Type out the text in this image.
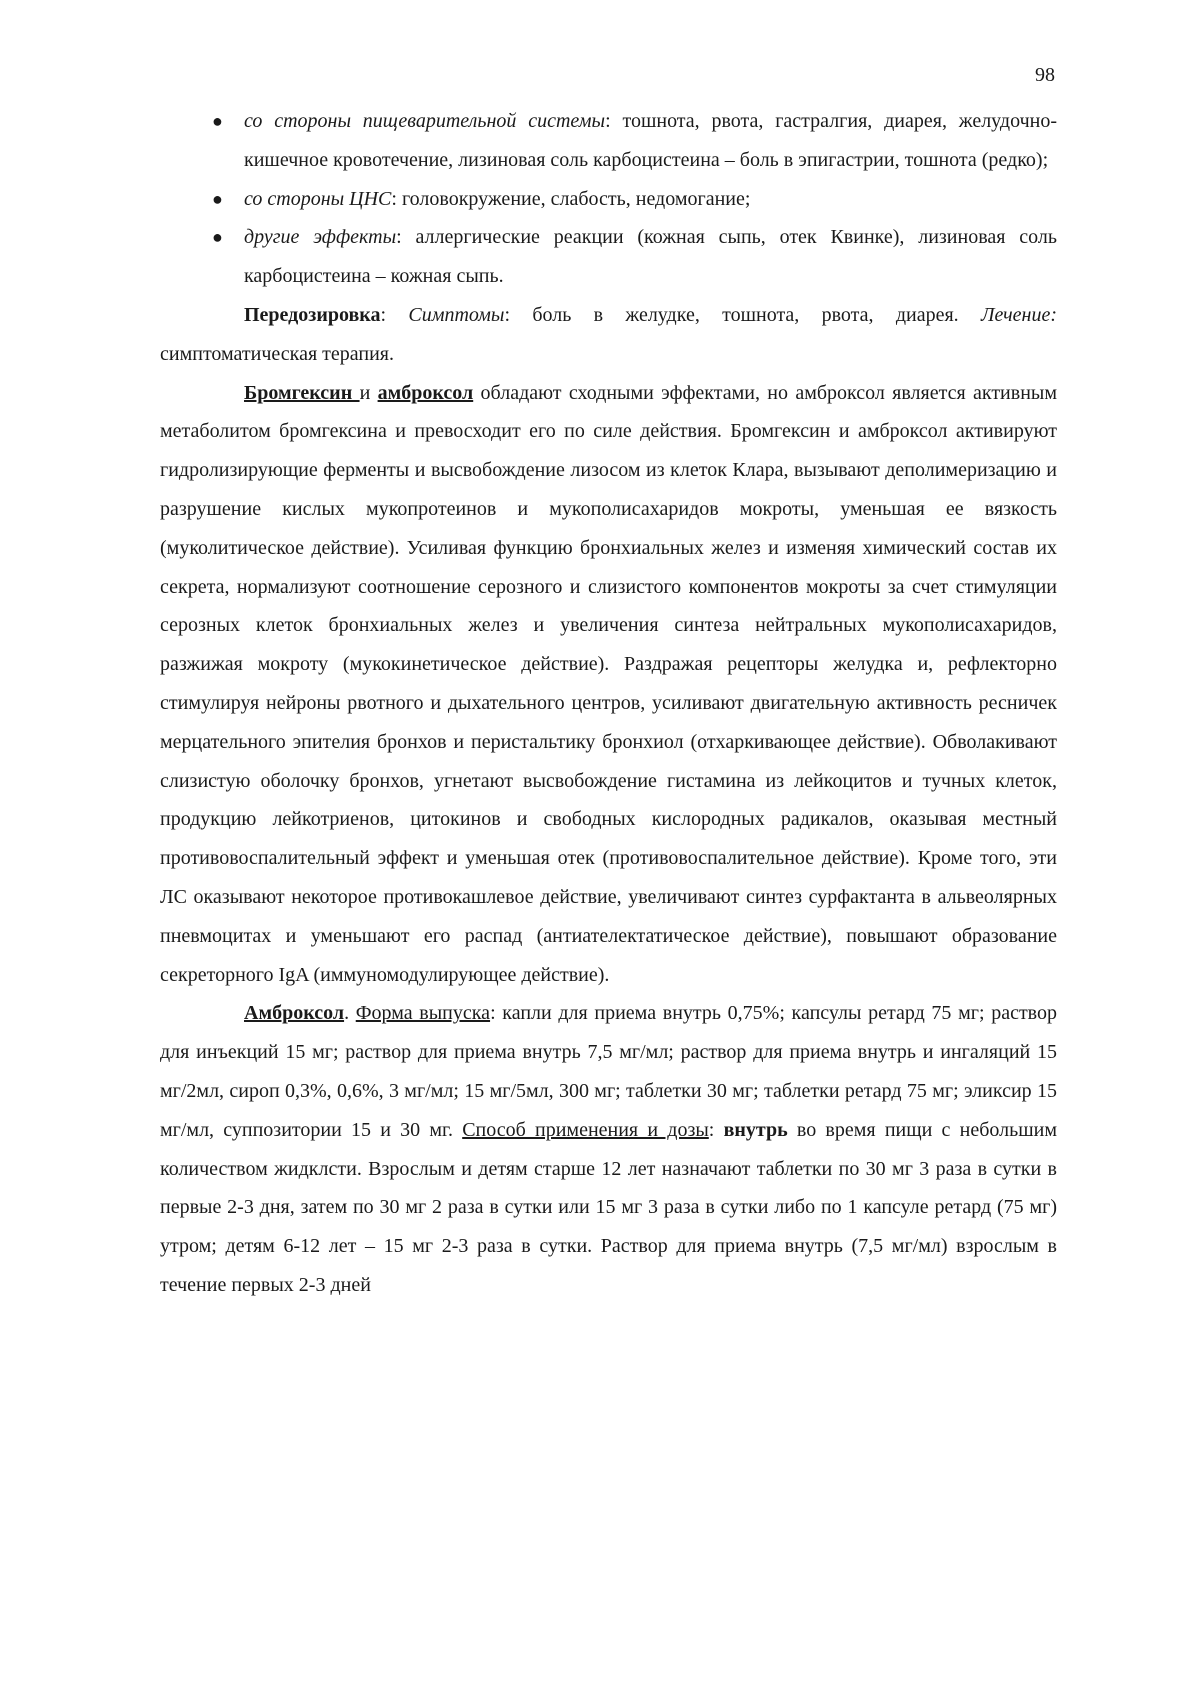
98
● со стороны пищеварительной системы: тошнота, рвота, гастралгия, диарея, желудочно-кишечное кровотечение, лизиновая соль карбоцистеина – боль в эпигастрии, тошнота (редко);
● со стороны ЦНС: головокружение, слабость, недомогание;
● другие эффекты: аллергические реакции (кожная сыпь, отек Квинке), лизиновая соль карбоцистеина – кожная сыпь.

Передозировка: Симптомы: боль в желудке, тошнота, рвота, диарея. Лечение: симптоматическая терапия.

Бромгексин и амброксол обладают сходными эффектами, но амброксол является активным метаболитом бромгексина и превосходит его по силе действия. Бромгексин и амброксол активируют гидролизирующие ферменты и высвобождение лизосом из клеток Клара, вызывают деполимеризацию и разрушение кислых мукопротеинов и мукополисахаридов мокроты, уменьшая ее вязкость (муколитическое действие). Усиливая функцию бронхиальных желез и изменяя химический состав их секрета, нормализуют соотношение серозного и слизистого компонентов мокроты за счет стимуляции серозных клеток бронхиальных желез и увеличения синтеза нейтральных мукополисахаридов, разжижая мокроту (мукокинетическое действие). Раздражая рецепторы желудка и, рефлекторно стимулируя нейроны рвотного и дыхательного центров, усиливают двигательную активность ресничек мерцательного эпителия бронхов и перистальтику бронхиол (отхаркивающее действие). Обволакивают слизистую оболочку бронхов, угнетают высвобождение гистамина из лейкоцитов и тучных клеток, продукцию лейкотриенов, цитокинов и свободных кислородных радикалов, оказывая местный противовоспалительный эффект и уменьшая отек (противовоспалительное действие). Кроме того, эти ЛС оказывают некоторое противокашлевое действие, увеличивают синтез сурфактанта в альвеолярных пневмоцитах и уменьшают его распад (антиателектатическое действие), повышают образование секреторного IgA (иммуномодулирующее действие).

Амброксол. Форма выпуска: капли для приема внутрь 0,75%; капсулы ретард 75 мг; раствор для инъекций 15 мг; раствор для приема внутрь 7,5 мг/мл; раствор для приема внутрь и ингаляций 15 мг/2мл, сироп 0,3%, 0,6%, 3 мг/мл; 15 мг/5мл, 300 мг; таблетки 30 мг; таблетки ретард 75 мг; эликсир 15 мг/мл, суппозитории 15 и 30 мг. Способ применения и дозы: внутрь во время пищи с небольшим количеством жидклсти. Взрослым и детям старше 12 лет назначают таблетки по 30 мг 3 раза в сутки в первые 2-3 дня, затем по 30 мг 2 раза в сутки или 15 мг 3 раза в сутки либо по 1 капсуле ретард (75 мг) утром; детям 6-12 лет – 15 мг 2-3 раза в сутки. Раствор для приема внутрь (7,5 мг/мл) взрослым в течение первых 2-3 дней
